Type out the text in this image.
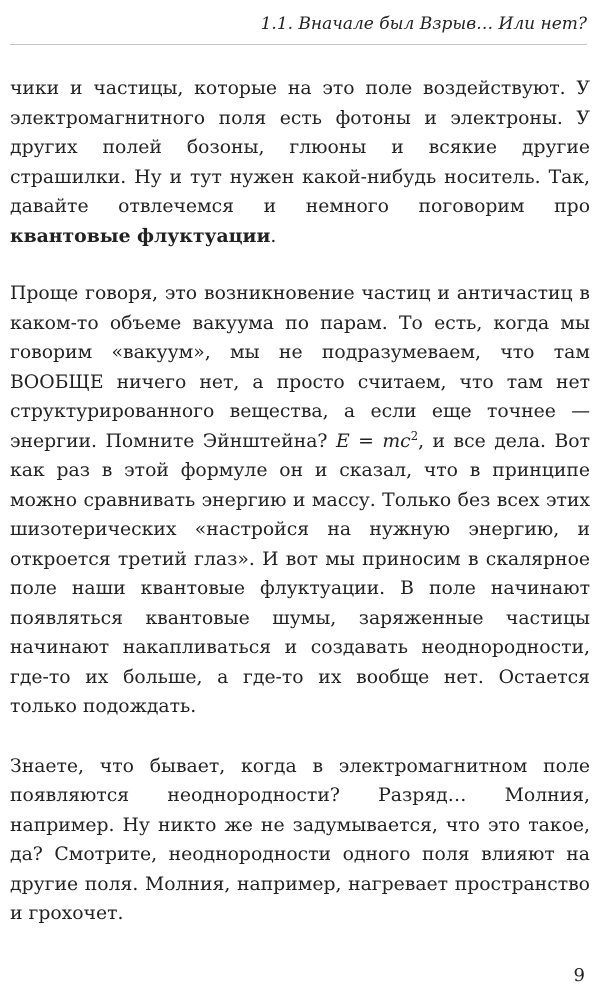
1.1. Вначале был Взрыв… Или нет?

чики и частицы, которые на это поле воздействуют. У электромагнитного поля есть фотоны и электроны. У других полей бозоны, глюоны и всякие другие страшилки. Ну и тут нужен какой-нибудь носитель. Так, давайте отвлечемся и немного поговорим про квантовые флуктуации.

Проще говоря, это возникновение частиц и античастиц в каком-то объеме вакуума по парам. То есть, когда мы говорим «вакуум», мы не подразумеваем, что там ВООБЩЕ ничего нет, а просто считаем, что там нет структурированного вещества, а если еще точнее — энергии. Помните Эйнштейна? $E = mc^2$, и все дела. Вот как раз в этой формуле он и сказал, что в принципе можно сравнивать энергию и массу. Только без всех этих шизотерических «настройся на нужную энергию, и откроется третий глаз». И вот мы приносим в скалярное поле наши квантовые флуктуации. В поле начинают появляться квантовые шумы, заряженные частицы начинают накапливаться и создавать неоднородности, где-то их больше, а где-то их вообще нет. Остается только подождать.

Знаете, что бывает, когда в электромагнитном поле появляются неоднородности? Разряд… Молния, например. Ну никто же не задумывается, что это такое, да? Смотрите, неоднородности одного поля влияют на другие поля. Молния, например, нагревает пространство и грохочет.

9
